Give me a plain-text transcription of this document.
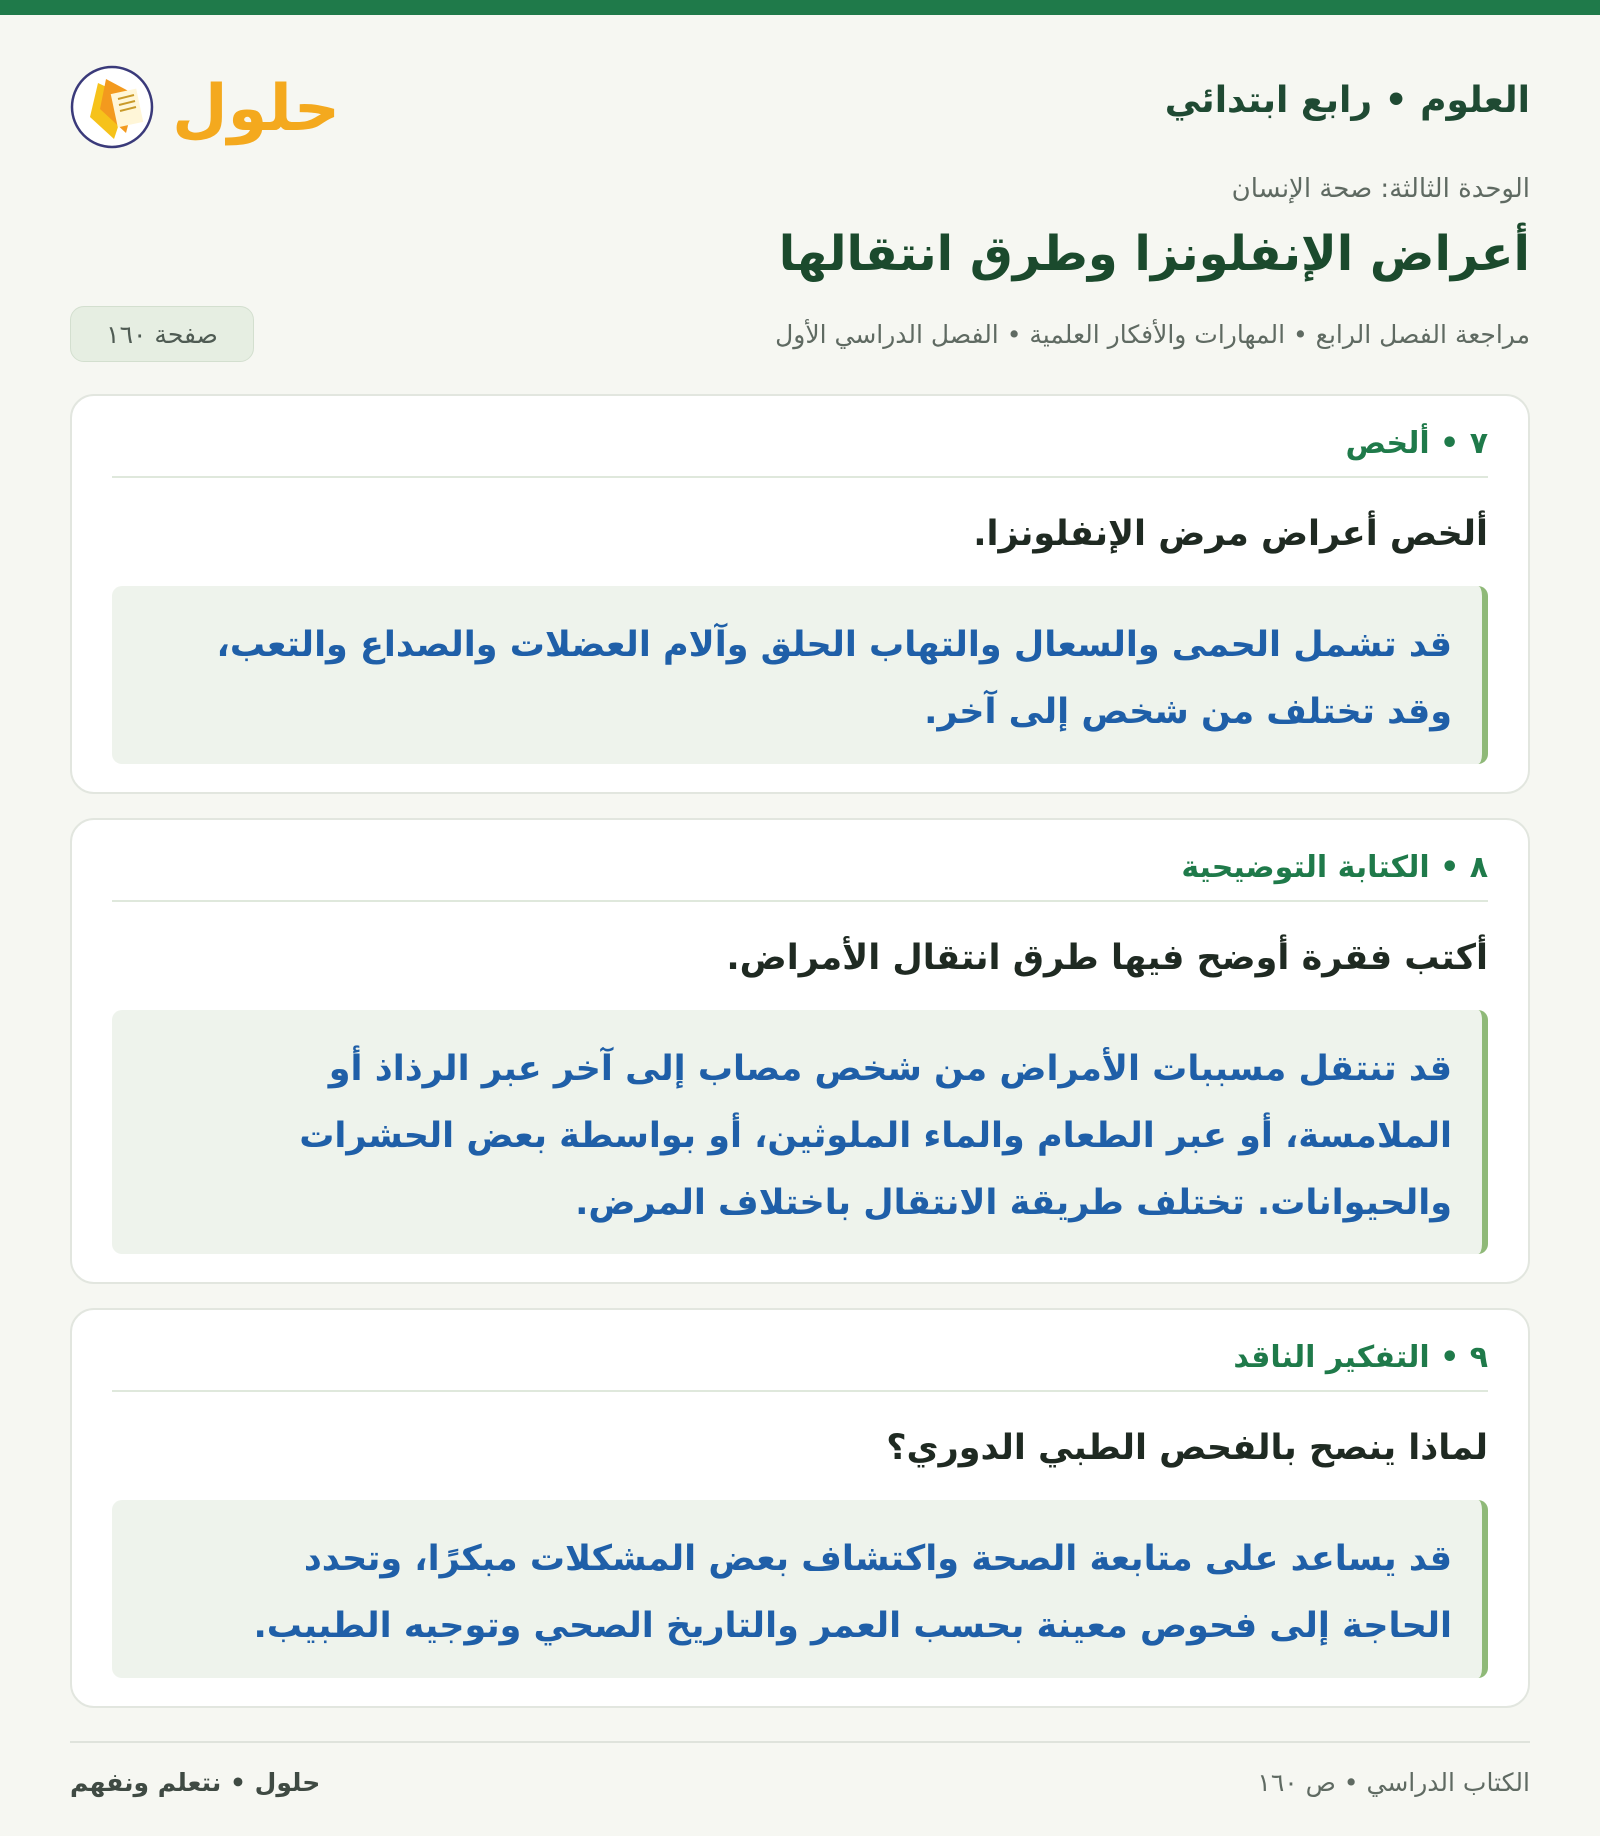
العلوم • رابع ابتدائي
حلول
الوحدة الثالثة: صحة الإنسان
أعراض الإنفلونزا وطرق انتقالها
مراجعة الفصل الرابع • المهارات والأفكار العلمية • الفصل الدراسي الأول
صفحة ١٦٠
٧ • ألخص
ألخص أعراض مرض الإنفلونزا.
قد تشمل الحمى والسعال والتهاب الحلق وآلام العضلات والصداع والتعب،
وقد تختلف من شخص إلى آخر.
٨ • الكتابة التوضيحية
أكتب فقرة أوضح فيها طرق انتقال الأمراض.
قد تنتقل مسببات الأمراض من شخص مصاب إلى آخر عبر الرذاذ أو
الملامسة، أو عبر الطعام والماء الملوثين، أو بواسطة بعض الحشرات
والحيوانات. تختلف طريقة الانتقال باختلاف المرض.
٩ • التفكير الناقد
لماذا ينصح بالفحص الطبي الدوري؟
قد يساعد على متابعة الصحة واكتشاف بعض المشكلات مبكرًا، وتحدد
الحاجة إلى فحوص معينة بحسب العمر والتاريخ الصحي وتوجيه الطبيب.
الكتاب الدراسي • ص ١٦٠
حلول • نتعلم ونفهم
